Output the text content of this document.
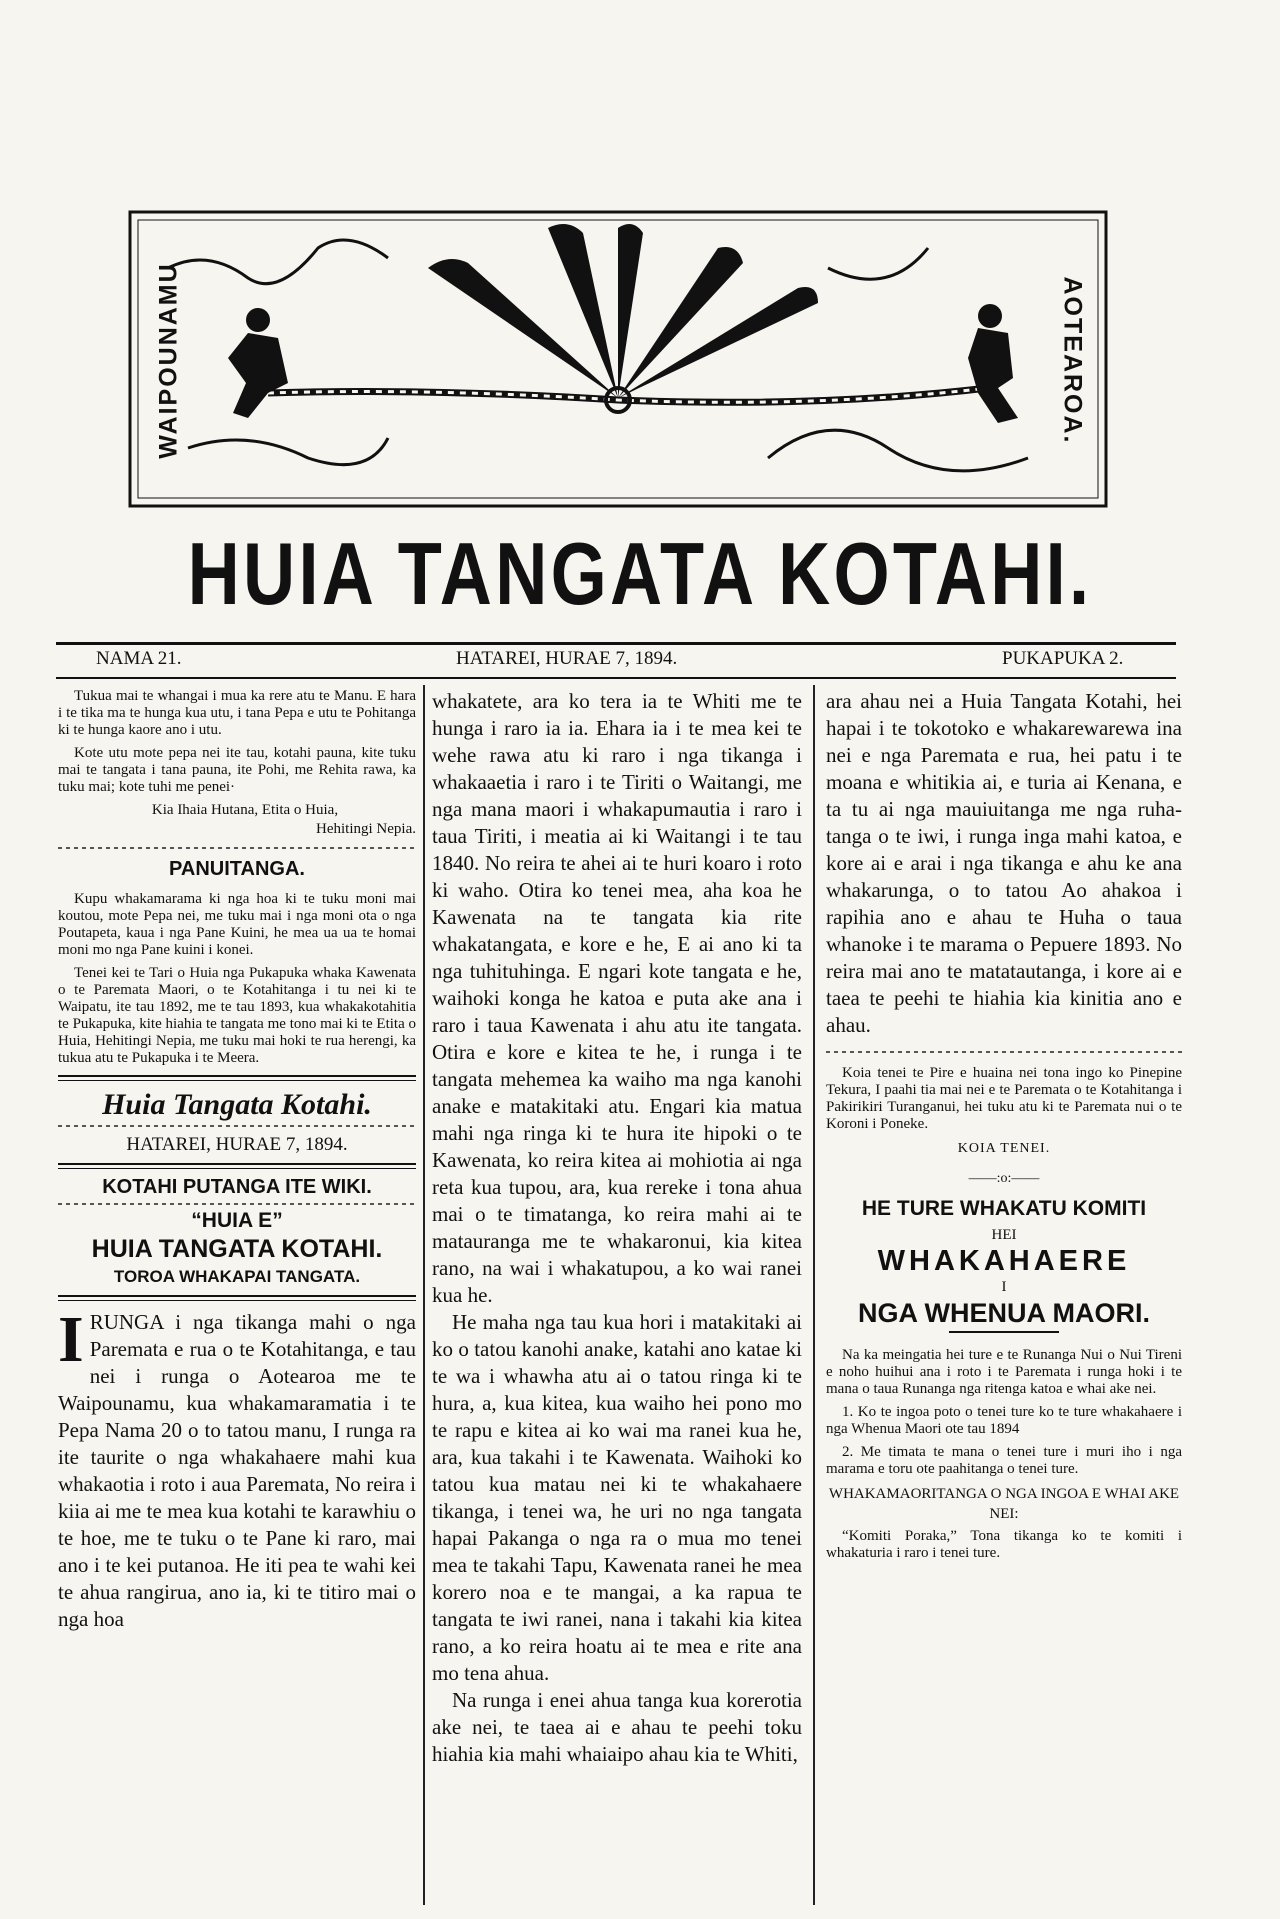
WAIPOUNAMU	AOTEAROA.
HUIA TANGATA KOTAHI.
NAMA 21.	HATAREI, HURAE 7, 1894.	PUKAPUKA 2.

Tukua mai te whangai i mua ka rere atu te Manu. E hara i te tika ma te hunga kua utu, i tana Pepa e utu te Pohitanga ki te hunga kaore ano i utu.

Kote utu mote pepa nei ite tau, kotahi pauna, kite tuku mai te tangata i tana pauna, ite Pohi, me Rehita rawa, ka tuku mai; kote tuhi me penei·

Kia Ihaia Hutana, Etita o Huia,

Hehitingi Nepia.

PANUITANGA.

Kupu whakamarama ki nga hoa ki te tuku moni mai koutou, mote Pepa nei, me tuku mai i nga moni ota o nga Poutapeta, kaua i nga Pane Kuini, he mea ua ua te homai moni mo nga Pane kuini i konei.

Tenei kei te Tari o Huia nga Pukapuka whaka Kawenata o te Paremata Maori, o te Kotahitanga i tu nei ki te Waipatu, ite tau 1892, me te tau 1893, kua whakakotahitia te Pukapuka, kite hiahia te tangata me tono mai ki te Etita o Huia, Hehitingi Nepia, me tuku mai hoki te rua herengi, ka tukua atu te Pukapuka i te Meera.

Huia Tangata Kotahi.

HATAREI, HURAE 7, 1894.

KOTAHI PUTANGA ITE WIKI.

“HUIA E”

HUIA TANGATA KOTAHI.

TOROA WHAKAPAI TANGATA.

IRUNGA i nga tikanga mahi o nga Paremata e rua o te Kotahitanga, e tau nei i runga o Aotearoa me te Waipounamu, kua whakamaramatia i te Pepa Nama 20 o to tatou manu, I runga ra ite taurite o nga whakahaere mahi kua whakaotia i roto i aua Paremata, No reira i kiia ai me te mea kua kotahi te karawhiu o te hoe, me te tuku o te Pane ki raro, mai ano i te kei putanoa. He iti pea te wahi kei te ahua rangirua, ano ia, ki te titiro mai o nga hoa

whakatete, ara ko tera ia te Whiti me te hunga i raro ia ia. Ehara ia i te mea kei te wehe rawa atu ki raro i nga tikanga i whakaaetia i raro i te Tiriti o Waitangi, me nga mana maori i whakapumautia i raro i taua Tiriti, i meatia ai ki Waitangi i te tau 1840. No reira te ahei ai te huri koaro i roto ki waho. Otira ko tenei mea, aha koa he Kawenata na te tangata kia rite whakatangata, e kore e he, E ai ano ki ta nga tuhituhinga. E ngari kote tangata e he, waihoki konga he katoa e puta ake ana i raro i taua Kawenata i ahu atu ite tangata. Otira e kore e kitea te he, i runga i te tangata mehemea ka waiho ma nga kanohi anake e matakitaki atu. Engari kia matua mahi nga ringa ki te hura ite hipoki o te Kawenata, ko reira kitea ai mohiotia ai nga reta kua tupou, ara, kua rereke i tona ahua mai o te timatanga, ko reira mahi ai te matauranga me te whakaronui, kia kitea rano, na wai i whakatupou, a ko wai ranei kua he.

He maha nga tau kua hori i matakitaki ai ko o tatou kanohi anake, katahi ano katae ki te wa i whawha atu ai o tatou ringa ki te hura, a, kua kitea, kua waiho hei pono mo te rapu e kitea ai ko wai ma ranei kua he, ara, kua takahi i te Kawenata. Waihoki ko tatou kua matau nei ki te whakahaere tikanga, i tenei wa, he uri no nga tangata hapai Pakanga o nga ra o mua mo tenei mea te takahi Tapu, Kawenata ranei he mea korero noa e te mangai, a ka rapua te tangata te iwi ranei, nana i takahi kia kitea rano, a ko reira hoatu ai te mea e rite ana mo tena ahua.

Na runga i enei ahua tanga kua korerotia ake nei, te taea ai e ahau te peehi toku hiahia kia mahi whaiaipo ahau kia te Whiti,

ara ahau nei a Huia Tangata Kotahi, hei hapai i te tokotoko e whakarewarewa ina nei e nga Paremata e rua, hei patu i te moana e whitikia ai, e turia ai Kenana, e ta tu ai nga mauiuitanga me nga ruha-tanga o te iwi, i runga inga mahi katoa, e kore ai e arai i nga tikanga e ahu ke ana whakarunga, o to tatou Ao ahakoa i rapihia ano e ahau te Huha o taua whanoke i te marama o Pepuere 1893. No reira mai ano te matatautanga, i kore ai e taea te peehi te hiahia kia kinitia ano e ahau.

Koia tenei te Pire e huaina nei tona ingo ko Pinepine Tekura, I paahi tia mai nei e te Paremata o te Kotahitanga i Pakirikiri Turanganui, hei tuku atu ki te Paremata nui o te Koroni i Poneke.

KOIA TENEI.

——:o:——

HE TURE WHAKATU KOMITI

HEI

WHAKAHAERE

I

NGA WHENUA MAORI.

Na ka meingatia hei ture e te Runanga Nui o Nui Tireni e noho huihui ana i roto i te Paremata i runga hoki i te mana o taua Runanga nga ritenga katoa e whai ake nei.

1. Ko te ingoa poto o tenei ture ko te ture whakahaere i nga Whenua Maori ote tau 1894

2. Me timata te mana o tenei ture i muri iho i nga marama e toru ote paahitanga o tenei ture.

WHAKAMAORITANGA O NGA INGOA E WHAI AKE NEI:

“Komiti Poraka,” Tona tikanga ko te komiti i whakaturia i raro i tenei ture.
